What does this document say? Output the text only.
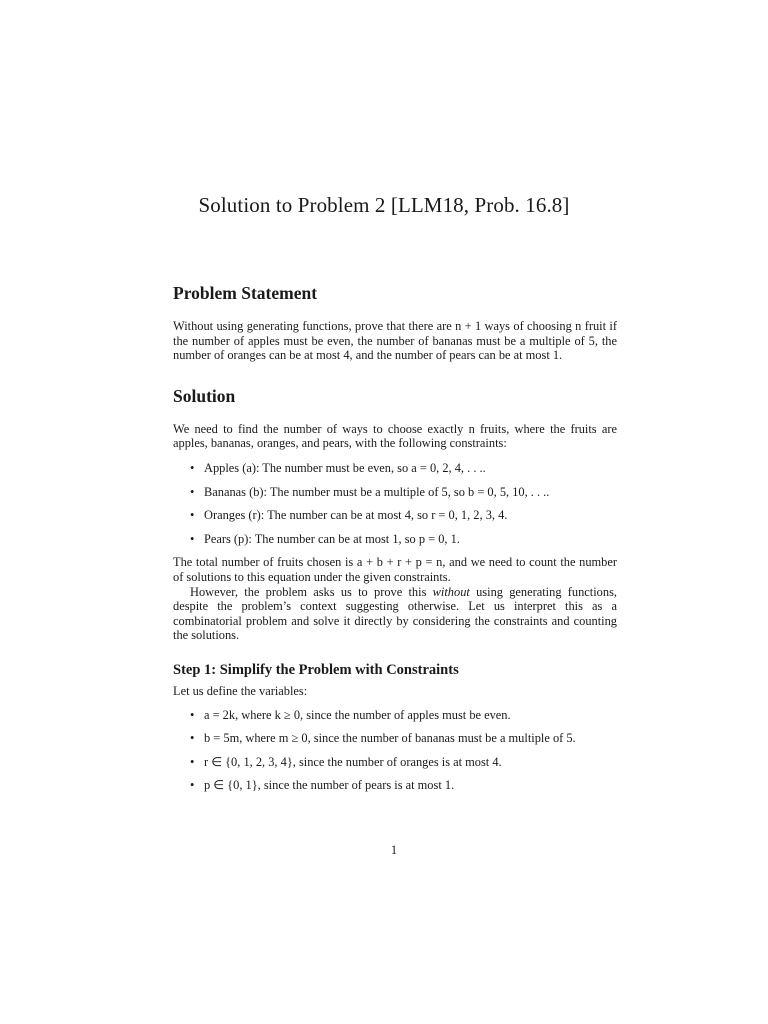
Solution to Problem 2 [LLM18, Prob. 16.8]
Problem Statement

Without using generating functions, prove that there are n + 1 ways of choosing n fruit if the number of apples must be even, the number of bananas must be a multiple of 5, the number of oranges can be at most 4, and the number of pears can be at most 1.

Solution

We need to find the number of ways to choose exactly n fruits, where the fruits are apples, bananas, oranges, and pears, with the following constraints:

• Apples (a): The number must be even, so a = 0, 2, 4, . . ..
• Bananas (b): The number must be a multiple of 5, so b = 0, 5, 10, . . ..
• Oranges (r): The number can be at most 4, so r = 0, 1, 2, 3, 4.
• Pears (p): The number can be at most 1, so p = 0, 1.

The total number of fruits chosen is a + b + r + p = n, and we need to count the number of solutions to this equation under the given constraints.

However, the problem asks us to prove this without using generating functions, despite the problem’s context suggesting otherwise. Let us interpret this as a combinatorial problem and solve it directly by considering the constraints and counting the solutions.

Step 1: Simplify the Problem with Constraints

Let us define the variables:

• a = 2k, where k ≥ 0, since the number of apples must be even.
• b = 5m, where m ≥ 0, since the number of bananas must be a multiple of 5.
• r ∈ {0, 1, 2, 3, 4}, since the number of oranges is at most 4.
• p ∈ {0, 1}, since the number of pears is at most 1.
1
